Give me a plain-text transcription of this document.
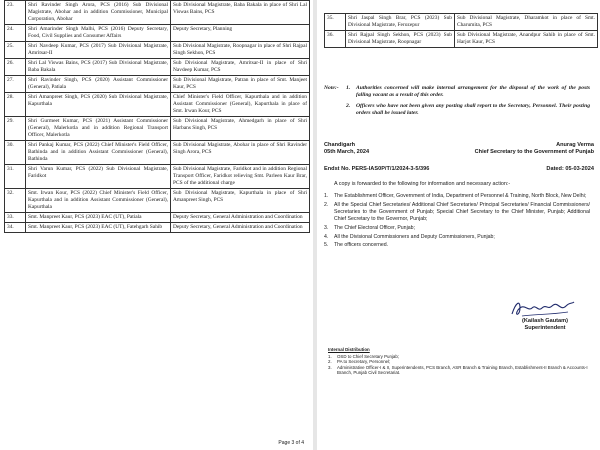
23.	Shri Ravinder Singh Arora, PCS (2016) Sub Divisional Magistrate, Abohar and in addition Commissioner, Municipal Corporation, Abohar	Sub Divisional Magistrate, Baba Bakala in place of Shri Lal Viswas Bains, PCS
24.	Shri Amarinder Singh Malhi, PCS (2016) Deputy Secretary, Food, Civil Supplies and Consumer Affairs	Deputy Secretary, Planning
25.	Shri Navdeep Kumar, PCS (2017) Sub Divisional Magistrate, Amritsar-II	Sub Divisional Magistrate, Roopnagar in place of Shri Rajpal Singh Sekhon, PCS
26.	Shri Lal Viswas Bains, PCS (2017) Sub Divisional Magistrate, Baba Bakala	Sub Divisional Magistrate, Amritsar-II in place of Shri Navdeep Kumar, PCS
27.	Shri Ravinder Singh, PCS (2020) Assistant Commissioner (General), Patiala	Sub Divisional Magistrate, Patran in place of Smt. Manjeet Kaur, PCS
28.	Shri Amanpreet Singh, PCS (2020) Sub Divisional Magistrate, Kapurthala	Chief Minister's Field Officer, Kapurthala and in addition Assistant Commissioner (General), Kapurthala in place of Smt. Irwan Kour, PCS
29.	Shri Gurmeet Kumar, PCS (2021) Assistant Commissioner (General), Malerkotla and in addition Regional Transport Officer, Malerkotla	Sub Divisional Magistrate, Ahmedgarh in place of Shri Harbans Singh, PCS
30.	Shri Pankaj Kumar, PCS (2022) Chief Minister's Field Officer, Bathinda and in addition Assistant Commissioner (General), Bathinda	Sub Divisional Magistrate, Abohar in place of Shri Ravinder Singh Arora, PCS
31.	Shri Varun Kumar, PCS (2022) Sub Divisional Magistrate, Faridkot	Sub Divisional Magistrate, Faridkot and in addition Regional Transport Officer, Faridkot relieving Smt. Parleen Kaur Brar, PCS of the additional charge
32.	Smt. Irwan Kour, PCS (2022) Chief Minister's Field Officer, Kapurthala and in addition Assistant Commissioner (General), Kapurthala	Sub Divisional Magistrate, Kapurthala in place of Shri Amanpreet Singh, PCS
33.	Smt. Manpreet Kaur, PCS (2023) EAC (UT), Patiala	Deputy Secretary, General Administration and Coordination
34.	Smt. Manpreet Kaur, PCS (2023) EAC (UT), Fatehgarh Sahib	Deputy Secretary, General Administration and Coordination
Page 3 of 4
35.	Shri Jaspal Singh Brar, PCS (2023) Sub Divisional Magistrate, Ferozepur	Sub Divisional Magistrate, Dharamkot in place of Smt. Charumita, PCS
36.	Shri Rajpal Singh Sekhon, PCS (2023) Sub Divisional Magistrate, Roopnagar	Sub Divisional Magistrate, Anandpur Sahib in place of Smt. Harjot Kaur, PCS
Note:- 1.	Authorities concerned will make internal arrangement for the disposal of the work of the posts falling vacant as a result of this order.
2.	Officers who have not been given any posting shall report to the Secretary, Personnel. Their posting orders shall be issued later.
Chandigarh	Anurag Verma
05th March, 2024	Chief Secretary to the Government of Punjab
Endst No. PERS-IAS0P/T/1/2024-3-5/396	Dated: 05-03-2024
A copy is forwarded to the following for information and necessary action:-
1.	The Establishment Officer, Government of India, Department of Personnel & Training, North Block, New Delhi;
2.	All the Special Chief Secretaries/ Additional Chief Secretaries/ Principal Secretaries/ Financial Commissioners/ Secretaries to the Government of Punjab; Special Chief Secretary to the Chief Minister, Punjab; Additional Chief Secretary to the Governor, Punjab;
3.	The Chief Electoral Officer, Punjab;
4.	All the Divisional Commissioners and Deputy Commissioners, Punjab;
5.	The officers concerned.
(Kailash Gautam)
Superintendent
Internal Distribution
1.	OSD to Chief Secretary Punjab;
2.	PA to Secretary, Personnel;
3.	Administrative Officer-I & II, Superintendents, PCS Branch, ASR Branch & Training Branch, Establishment-II Branch & Accounts-I Branch, Punjab Civil Secretariat.
